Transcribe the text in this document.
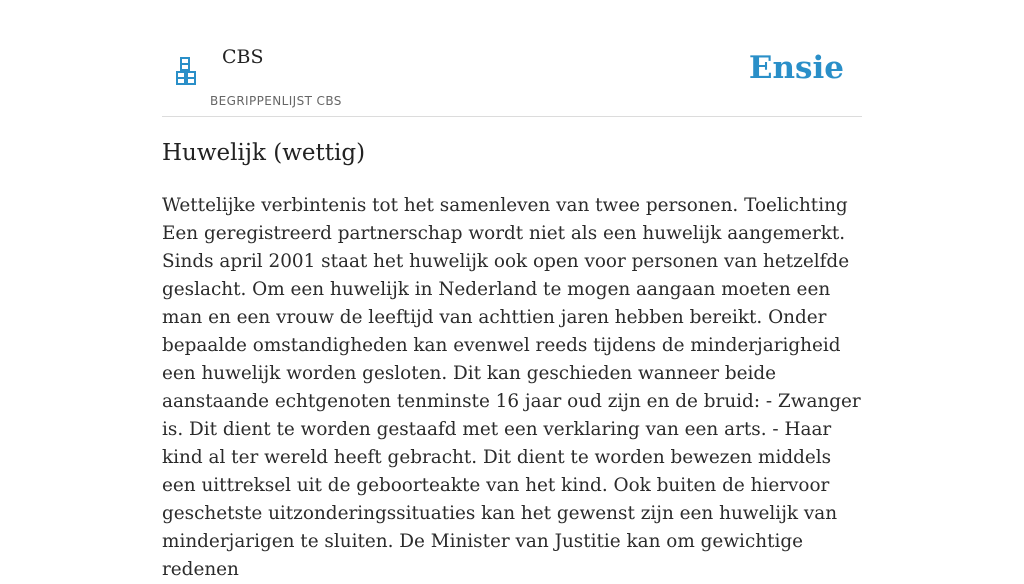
CBS
BEGRIPPENLIJST CBS
Ensie
Huwelijk (wettig)

Wettelijke verbintenis tot het samenleven van twee personen. Toelichting Een geregistreerd partnerschap wordt niet als een huwelijk aangemerkt. Sinds april 2001 staat het huwelijk ook open voor personen van hetzelfde geslacht. Om een huwelijk in Nederland te mogen aangaan moeten een man en een vrouw de leeftijd van achttien jaren hebben bereikt. Onder bepaalde omstandigheden kan evenwel reeds tijdens de minderjarigheid een huwelijk worden gesloten. Dit kan geschieden wanneer beide aanstaande echtgenoten tenminste 16 jaar oud zijn en de bruid: - Zwanger is. Dit dient te worden gestaafd met een verklaring van een arts. - Haar kind al ter wereld heeft gebracht. Dit dient te worden bewezen middels een uittreksel uit de geboorteakte van het kind. Ook buiten de hiervoor geschetste uitzonderingssituaties kan het gewenst zijn een huwelijk van minderjarigen te sluiten. De Minister van Justitie kan om gewichtige redenen
